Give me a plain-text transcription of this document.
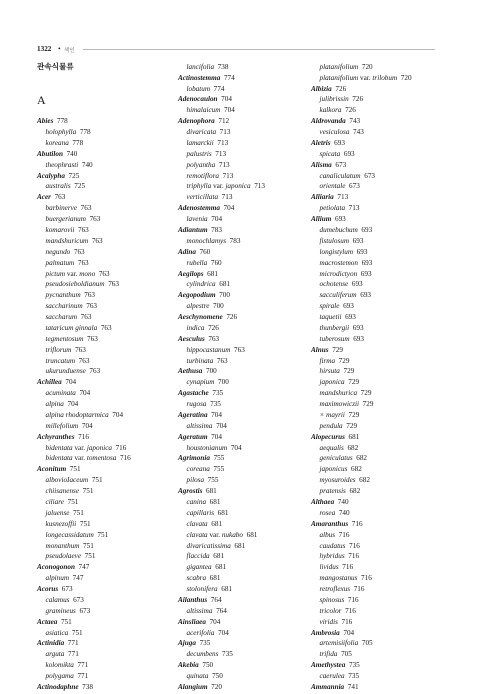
1322 • 색인
관속식물류
A
Abies 778
holophylla 778
koreana 778
Abutilon 740
theophrasti 740
Acalypha 725
australis 725
Acer 763
barbinerve 763
buergerianum 763
komarovii 763
mandshuricum 763
negundo 763
palmatum 763
pictum var. mono 763
pseudosieboldianum 763
pycnanthum 763
saccharinum 763
saccharum 763
tataricum ginnala 763
tegmentosum 763
triflorum 763
truncatum 763
ukurunduense 763
Achillea 704
acuminata 704
alpina 704
alpina rhodoptarmica 704
millefolium 704
Achyranthes 716
bidentata var. japonica 716
bidentata var. tomentosa 716
Aconitum 751
albovioIaceum 751
chiisanense 751
ciliare 751
jaluense 751
kusnezoffii 751
longecassidatum 751
monanthum 751
pseudolaeve 751
Aconogonon 747
alpinum 747
Acorus 673
calamus 673
gramineus 673
Actaea 751
asiatica 751
Actinidia 771
arguta 771
kolomikta 771
polygama 771
Actinodaphne 738
lancifolia 738
Actinostemma 774
lobatum 774
Adenocaulon 704
himalaicum 704
Adenophora 712
divaricata 713
lamarckii 713
palustris 713
polyantha 713
remotiflora 713
triphylla var. japonica 713
verticillata 713
Adenostemma 704
lavenia 704
Adiantum 783
monochlamys 783
Adina 760
rubella 760
Aegilops 681
cylindrica 681
Aegopodium 700
alpestre 700
Aeschynomene 726
indica 726
Aesculus 763
hippocastanum 763
turbinata 763
Aethusa 700
cynapium 700
Agastache 735
rugosa 735
Ageratina 704
altissima 704
Ageratum 704
houstonianum 704
Agrimonia 755
coreana 755
pilosa 755
Agrostis 681
canina 681
capillaris 681
clavata 681
clavata var. nukabo 681
divaricatissima 681
flaccida 681
gigantea 681
scabra 681
stolonifera 681
Ailanthus 764
altissima 764
Ainsliaea 704
acerifolia 704
Ajuga 735
decumbens 735
Akebia 750
quinata 750
Alangium 720
platanifolium 720
platanifolium var. trilobum 720
Albizia 726
julibrissin 726
kalkora 726
Aldrovanda 743
vesiculosa 743
Aletris 693
spicata 693
Alisma 673
canaliculatum 673
orientale 673
Alliaria 713
petiolata 713
Allium 693
dumebuchum 693
fistulosum 693
longistylum 693
macrostemon 693
microdictyon 693
ochotense 693
sacculiferum 693
spirale 693
taquetii 693
thunbergii 693
tuberosum 693
Alnus 729
firma 729
hirsuta 729
japonica 729
mandshurica 729
maximowiczii 729
× mayrii 729
pendula 729
Alopecurus 681
aequalis 682
geniculatus 682
japonicus 682
myosuroides 682
pratensis 682
Althaea 740
rosea 740
Amaranthus 716
albus 716
caudatus 716
hybridus 716
lividus 716
mangostanus 716
retroflexus 716
spinosus 716
tricolor 716
viridis 716
Ambrosia 704
artemisiifolia 705
trifida 705
Amethystea 735
caerulea 735
Ammannia 741
